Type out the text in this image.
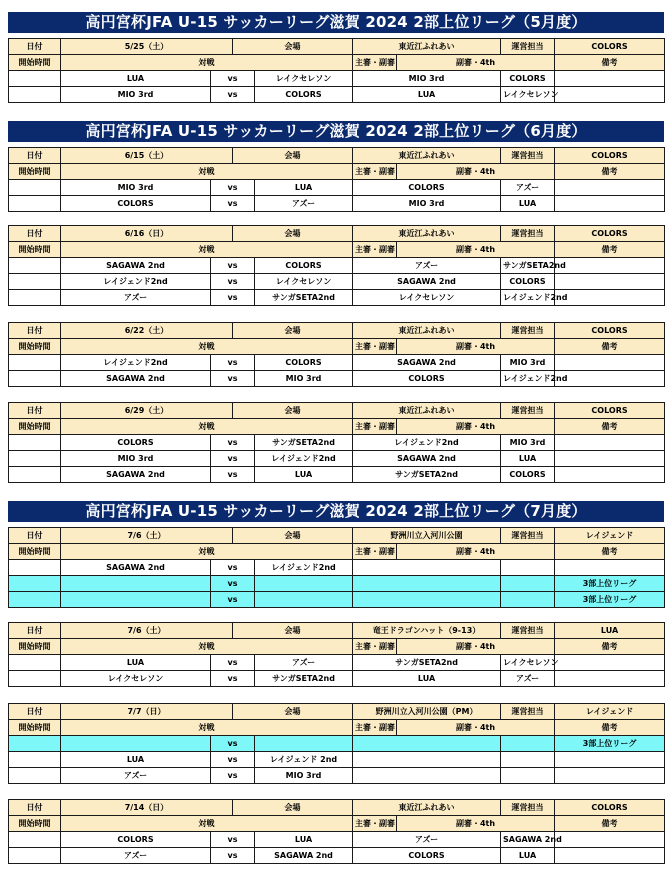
高円宮杯JFA U-15 サッカーリーグ滋賀 2024 2部上位リーグ（5月度）
高円宮杯JFA U-15 サッカーリーグ滋賀 2024 2部上位リーグ（6月度）
高円宮杯JFA U-15 サッカーリーグ滋賀 2024 2部上位リーグ（7月度）
日付	5/25（土）		会場		東近江ふれあい		運営担当	COLORS
開始時間	対戦				主審・副審	副審・4th		備考
	LUA	vs		レイクセレソン	MIO 3rd		COLORS	
	MIO 3rd	vs		COLORS	LUA		レイクセレソン	
日付	6/15（土）		会場		東近江ふれあい		運営担当	COLORS
開始時間	対戦				主審・副審	副審・4th		備考
	MIO 3rd	vs		LUA	COLORS		アズー	
	COLORS	vs		アズー	MIO 3rd		LUA	
日付	6/16（日）		会場		東近江ふれあい		運営担当	COLORS
開始時間	対戦				主審・副審	副審・4th		備考
	SAGAWA 2nd	vs		COLORS	アズー		サンガSETA2nd	
	レイジェンド2nd	vs		レイクセレソン	SAGAWA 2nd		COLORS	
	アズー	vs		サンガSETA2nd	レイクセレソン		レイジェンド2nd	
日付	6/22（土）		会場		東近江ふれあい		運営担当	COLORS
開始時間	対戦				主審・副審	副審・4th		備考
	レイジェンド2nd	vs		COLORS	SAGAWA 2nd		MIO 3rd	
	SAGAWA 2nd	vs		MIO 3rd	COLORS		レイジェンド2nd	
日付	6/29（土）		会場		東近江ふれあい		運営担当	COLORS
開始時間	対戦				主審・副審	副審・4th		備考
	COLORS	vs		サンガSETA2nd	レイジェンド2nd		MIO 3rd	
	MIO 3rd	vs		レイジェンド2nd	SAGAWA 2nd		LUA	
	SAGAWA 2nd	vs		LUA	サンガSETA2nd		COLORS	
日付	7/6（土）		会場		野洲川立入河川公園		運営担当	レイジェンド
開始時間	対戦				主審・副審	副審・4th		備考
	SAGAWA 2nd	vs		レイジェンド2nd				
		vs						3部上位リーグ
		vs						3部上位リーグ
日付	7/6（土）		会場		竜王ドラゴンハット（9-13）		運営担当	LUA
開始時間	対戦				主審・副審	副審・4th		備考
	LUA	vs		アズー	サンガSETA2nd		レイクセレソン	
	レイクセレソン	vs		サンガSETA2nd	LUA		アズー	
日付	7/7（日）		会場		野洲川立入河川公園（PM）		運営担当	レイジェンド
開始時間	対戦				主審・副審	副審・4th		備考
		vs						3部上位リーグ
	LUA	vs		レイジェンド 2nd				
	アズー	vs		MIO 3rd				
日付	7/14（日）		会場		東近江ふれあい		運営担当	COLORS
開始時間	対戦				主審・副審	副審・4th		備考
	COLORS	vs		LUA	アズー		SAGAWA 2nd	
	アズー	vs		SAGAWA 2nd	COLORS		LUA	
